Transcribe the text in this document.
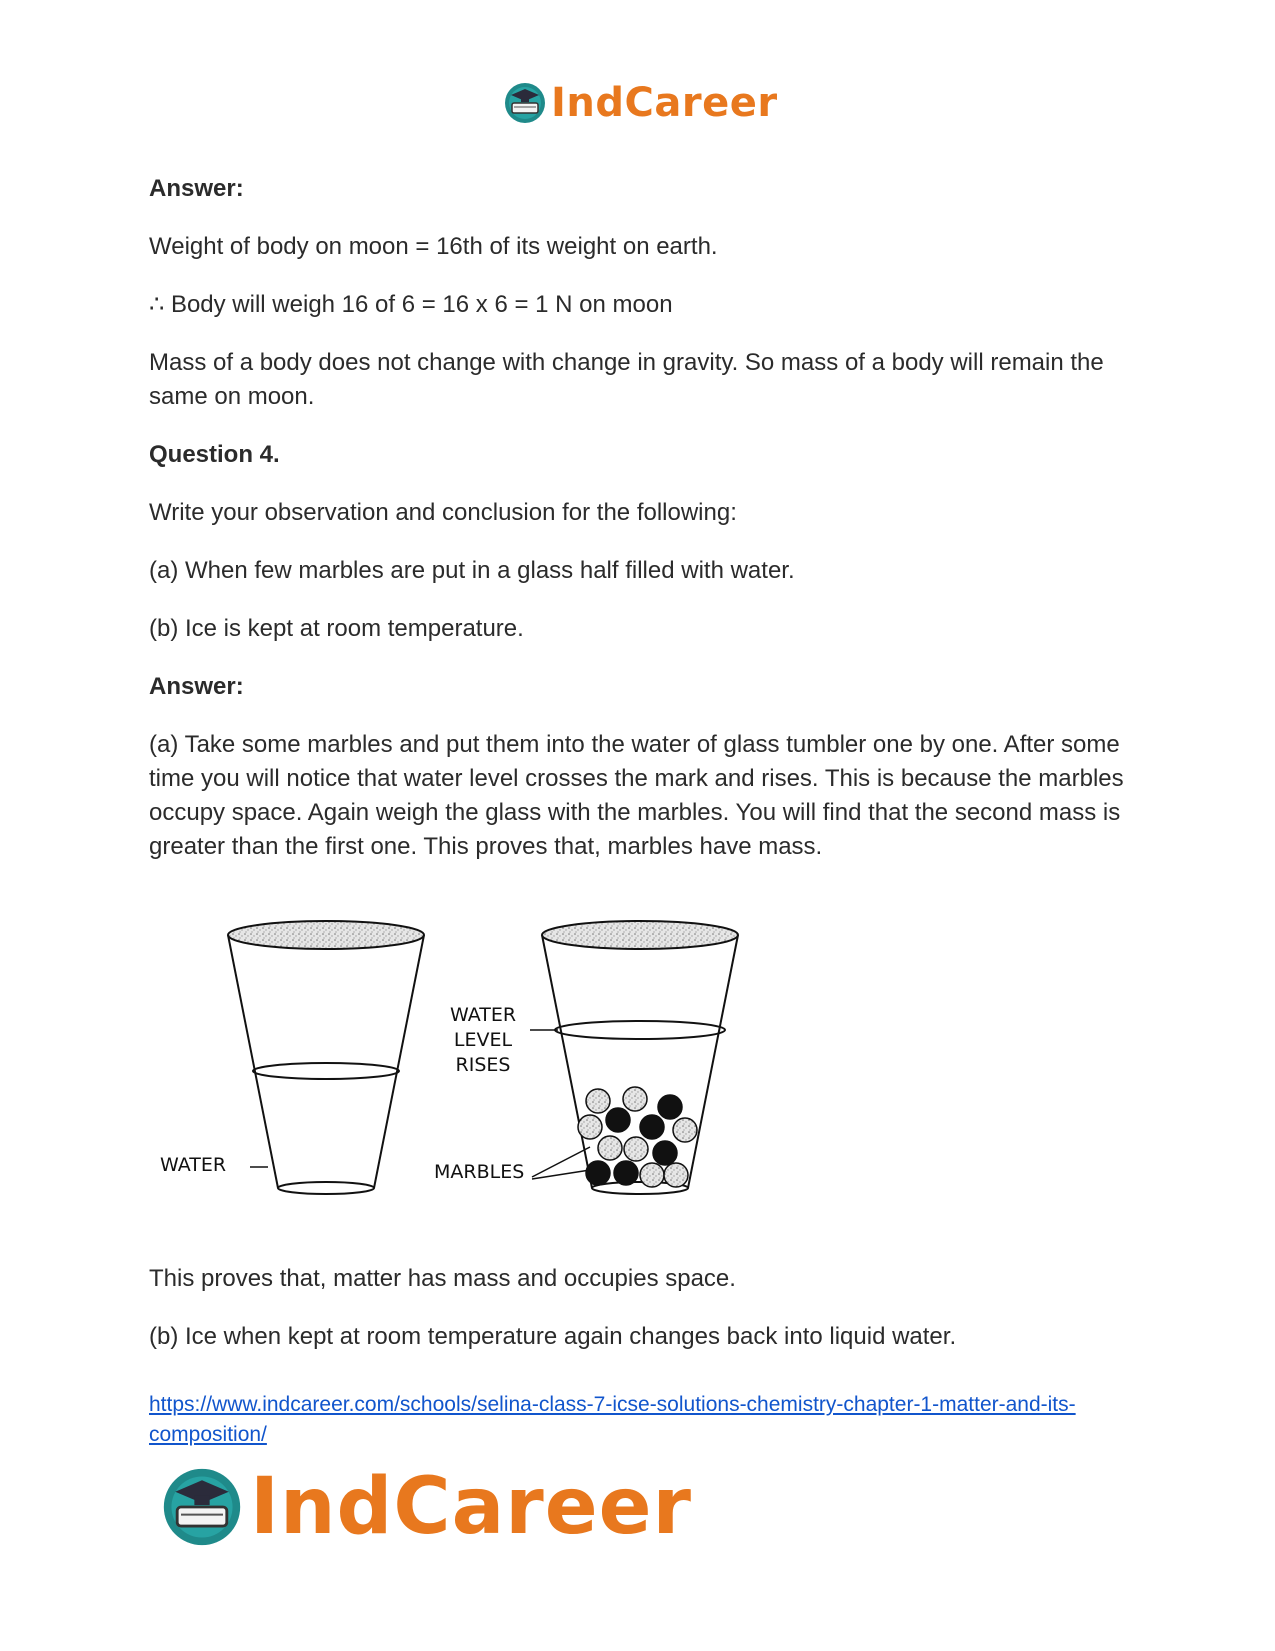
IndCareer

Answer:

Weight of body on moon = 16th of its weight on earth.

∴ Body will weigh 16 of 6 = 16 x 6 = 1 N on moon

Mass of a body does not change with change in gravity. So mass of a body will remain the same on moon.

Question 4.

Write your observation and conclusion for the following:

(a) When few marbles are put in a glass half filled with water.

(b) Ice is kept at room temperature.

Answer:

(a) Take some marbles and put them into the water of glass tumbler one by one. After some time you will notice that water level crosses the mark and rises. This is because the marbles occupy space. Again weigh the glass with the marbles. You will find that the second mass is greater than the first one. This proves that, marbles have mass.

WATER
WATER
LEVEL
RISES
MARBLES

This proves that, matter has mass and occupies space.

(b) Ice when kept at room temperature again changes back into liquid water.

https://www.indcareer.com/schools/selina-class-7-icse-solutions-chemistry-chapter-1-matter-and-its-composition/
IndCareer
